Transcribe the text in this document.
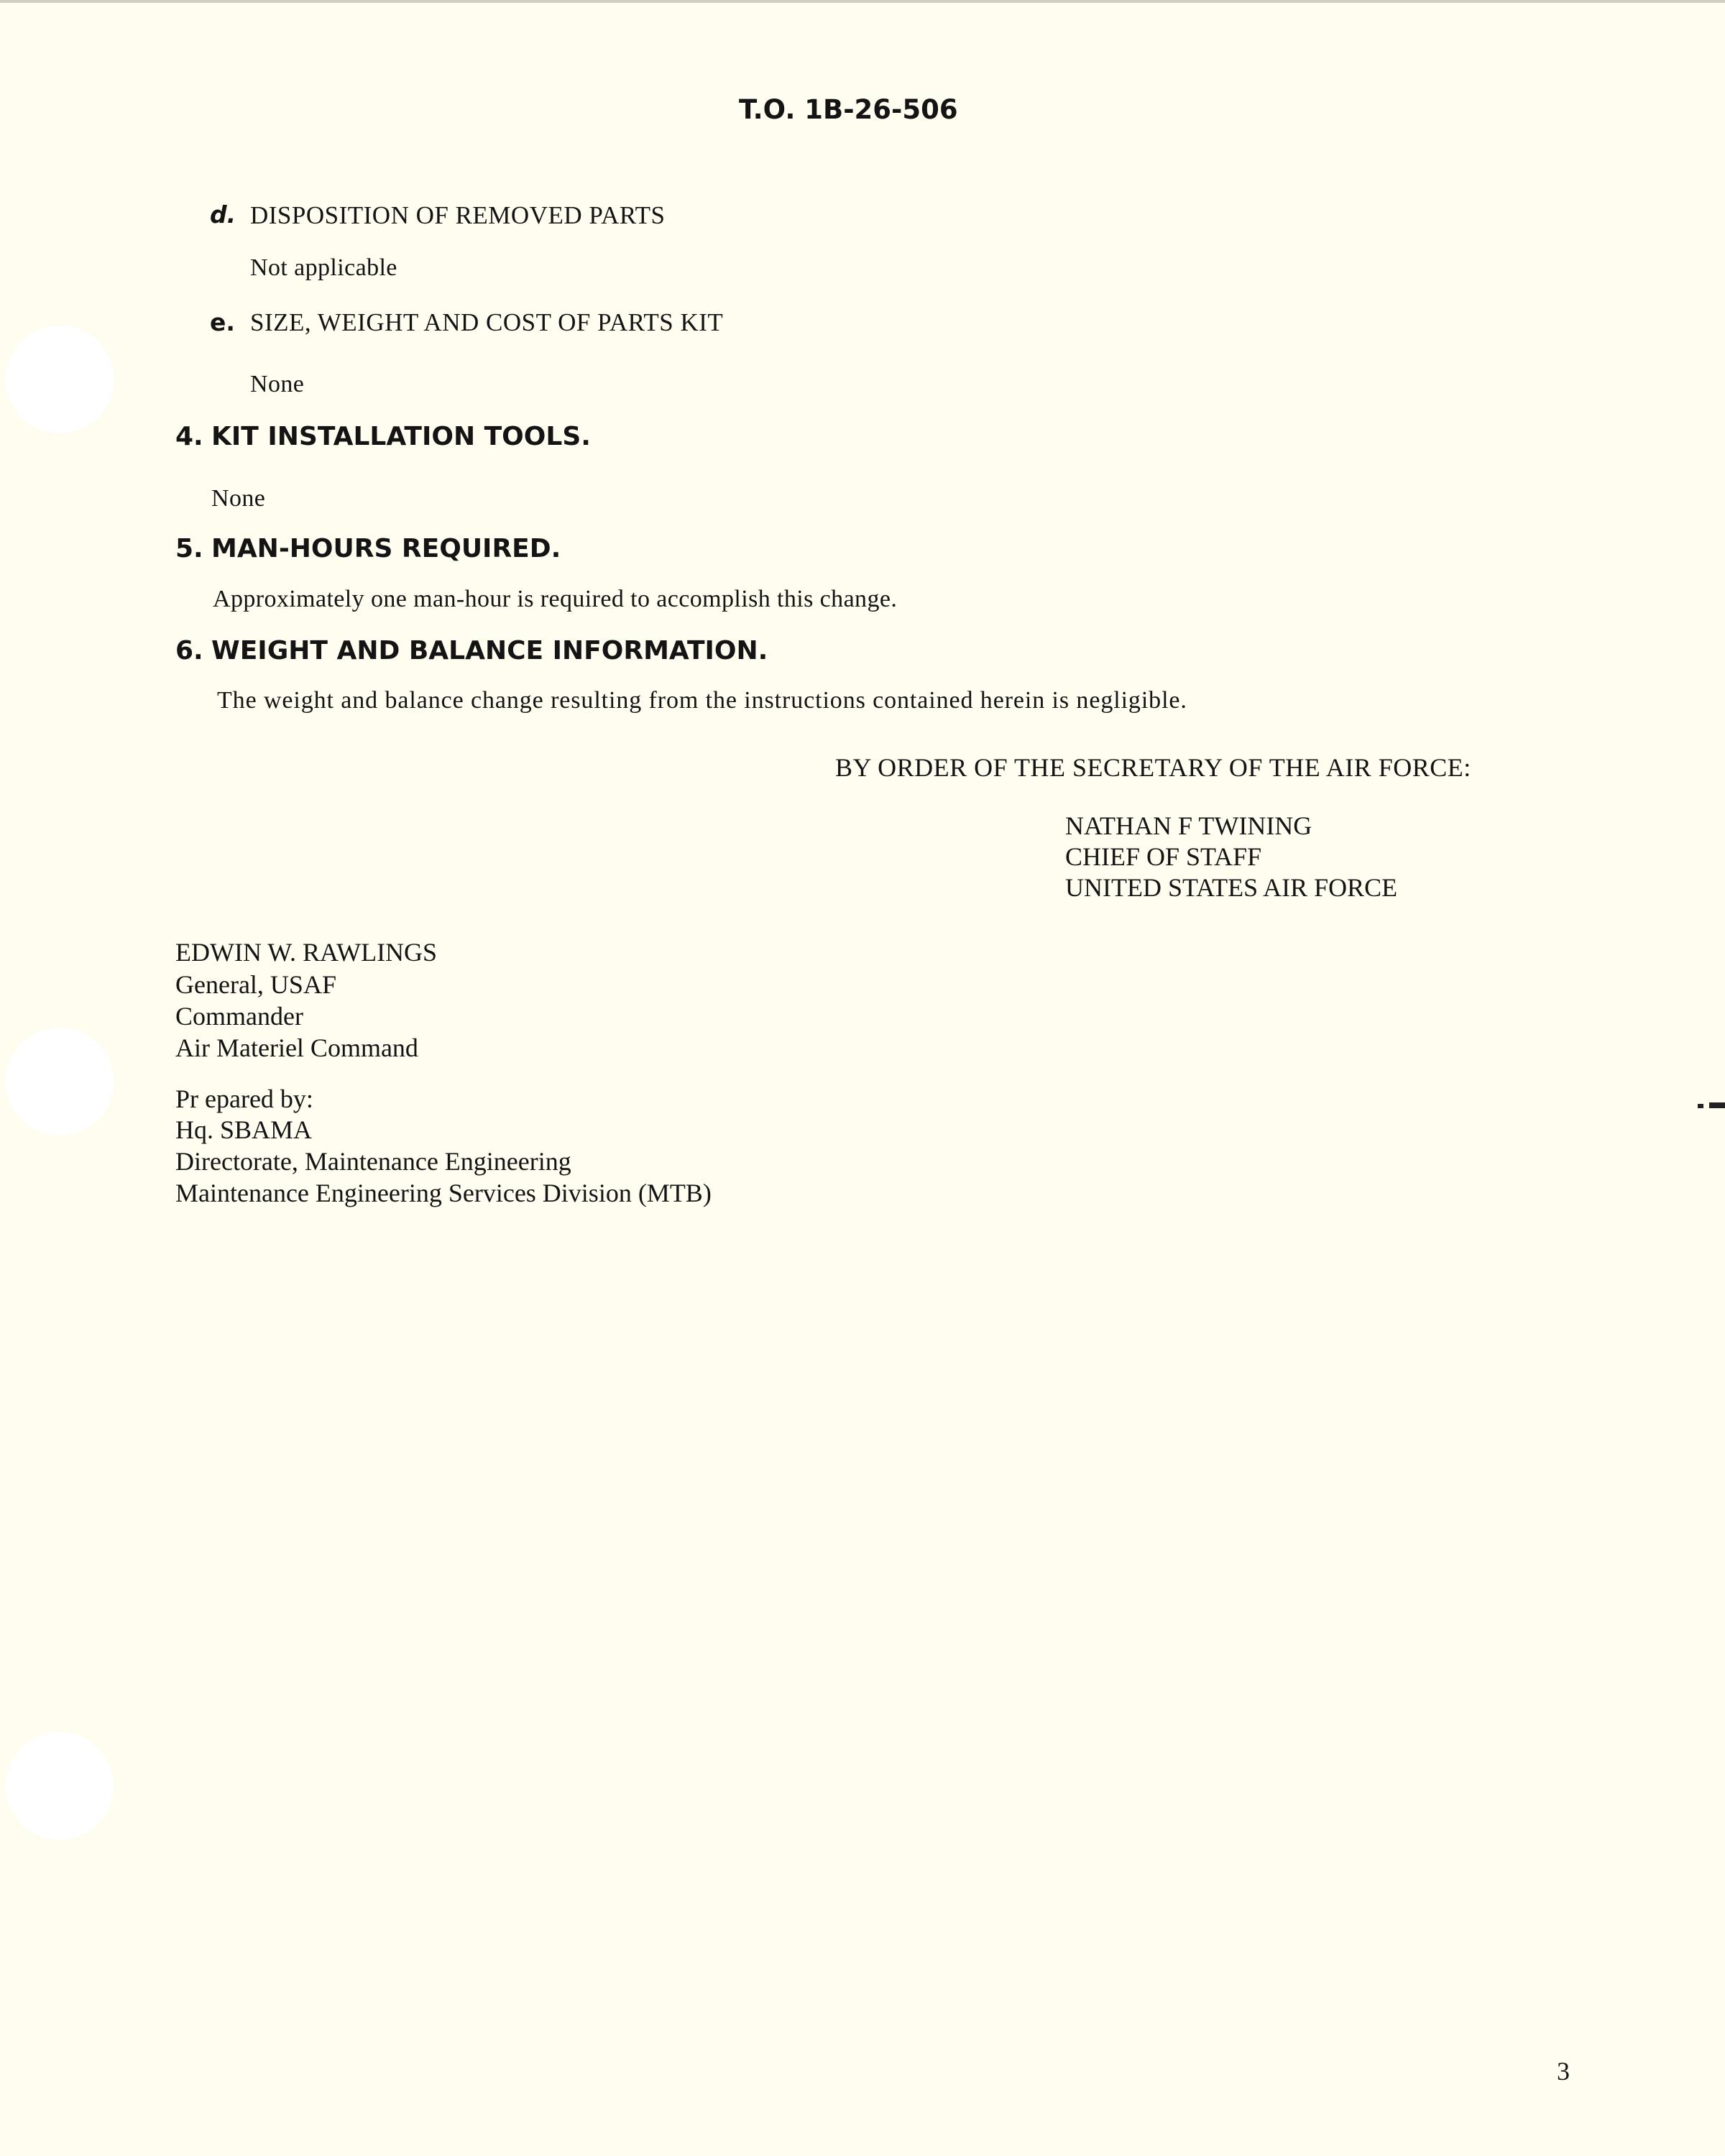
T.O. 1B-26-506
d. DISPOSITION OF REMOVED PARTS
Not applicable
e. SIZE, WEIGHT AND COST OF PARTS KIT
None
4. KIT INSTALLATION TOOLS.
None
5. MAN-HOURS REQUIRED.
Approximately one man-hour is required to accomplish this change.
6. WEIGHT AND BALANCE INFORMATION.
The weight and balance change resulting from the instructions contained herein is negligible.
BY ORDER OF THE SECRETARY OF THE AIR FORCE:
NATHAN F TWINING
CHIEF OF STAFF
UNITED STATES AIR FORCE
EDWIN W. RAWLINGS
General, USAF
Commander
Air Materiel Command
Pr epared by:
Hq. SBAMA
Directorate, Maintenance Engineering
Maintenance Engineering Services Division (MTB)
3
